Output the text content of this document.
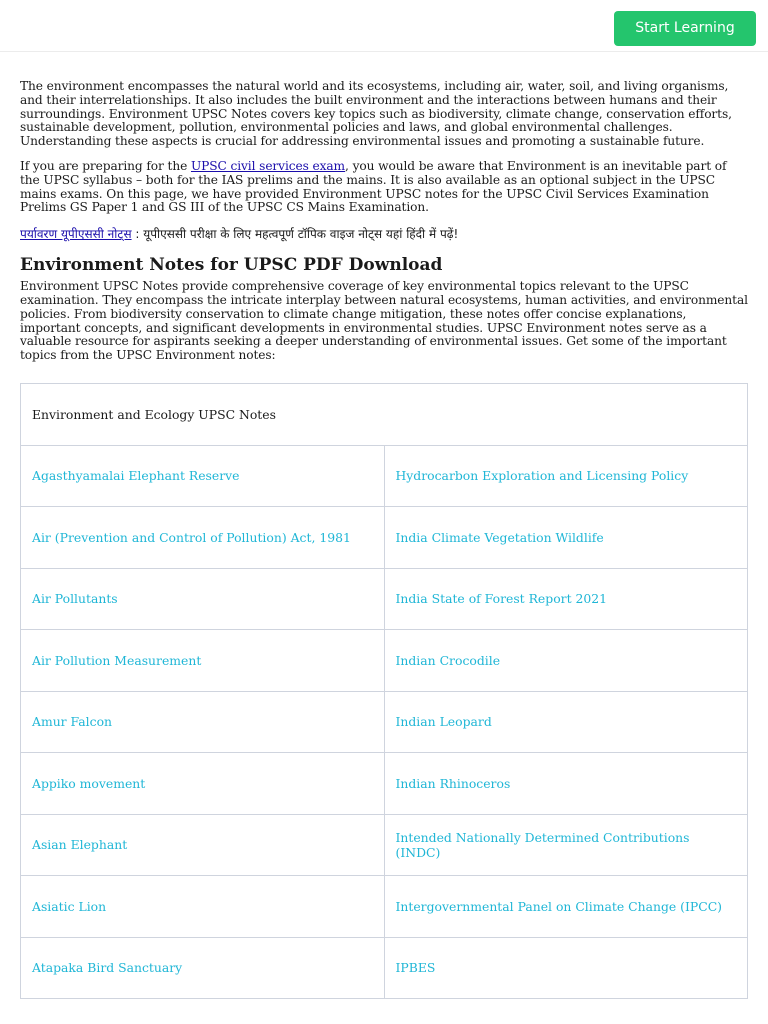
Start Learning

The environment encompasses the natural world and its ecosystems, including air, water, soil, and living organisms, and their interrelationships. It also includes the built environment and the interactions between humans and their surroundings. Environment UPSC Notes covers key topics such as biodiversity, climate change, conservation efforts, sustainable development, pollution, environmental policies and laws, and global environmental challenges. Understanding these aspects is crucial for addressing environmental issues and promoting a sustainable future.

If you are preparing for the UPSC civil services exam, you would be aware that Environment is an inevitable part of the UPSC syllabus – both for the IAS prelims and the mains. It is also available as an optional subject in the UPSC mains exams. On this page, we have provided Environment UPSC notes for the UPSC Civil Services Examination Prelims GS Paper 1 and GS III of the UPSC CS Mains Examination.

पर्यावरण यूपीएससी नोट्स : यूपीएससी परीक्षा के लिए महत्वपूर्ण टॉपिक वाइज नोट्स यहां हिंदी में पढ़ें!
Environment Notes for UPSC PDF Download

Environment UPSC Notes provide comprehensive coverage of key environmental topics relevant to the UPSC examination. They encompass the intricate interplay between natural ecosystems, human activities, and environmental policies. From biodiversity conservation to climate change mitigation, these notes offer concise explanations, important concepts, and significant developments in environmental studies. UPSC Environment notes serve as a valuable resource for aspirants seeking a deeper understanding of environmental issues. Get some of the important topics from the UPSC Environment notes:

Environment and Ecology UPSC Notes	
Agasthyamalai Elephant Reserve	Hydrocarbon Exploration and Licensing Policy
Air (Prevention and Control of Pollution) Act, 1981	India Climate Vegetation Wildlife
Air Pollutants	India State of Forest Report 2021
Air Pollution Measurement	Indian Crocodile
Amur Falcon	Indian Leopard
Appiko movement	Indian Rhinoceros
Asian Elephant	Intended Nationally Determined Contributions (INDC)
Asiatic Lion	Intergovernmental Panel on Climate Change (IPCC)
Atapaka Bird Sanctuary	IPBES
